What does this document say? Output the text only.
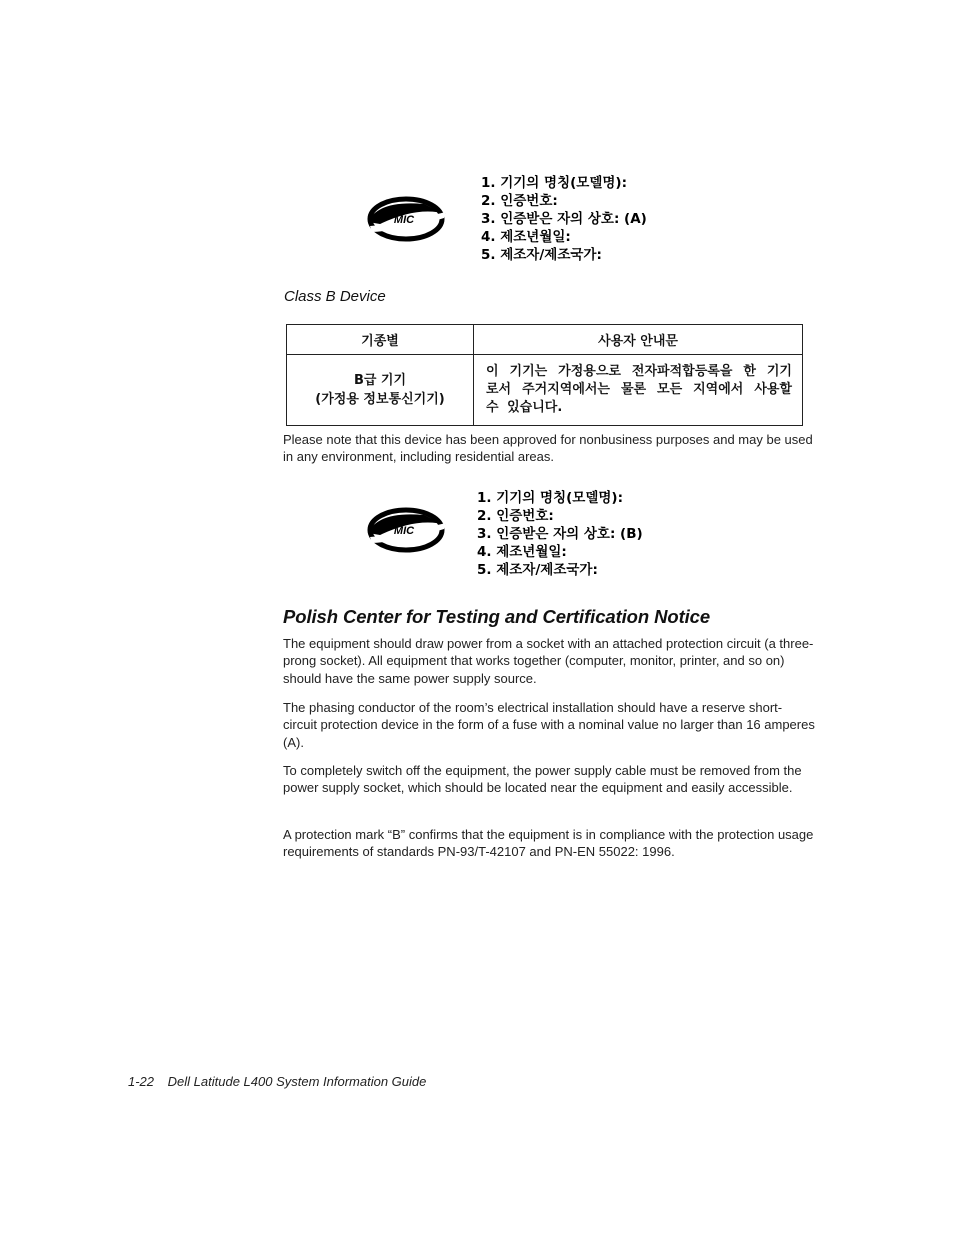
MIC
1. 기기의 명칭(모델명):
2. 인증번호:
3. 인증받은 자의 상호: (A)
4. 제조년월일:
5. 제조자/제조국가:
Class B Device
기종별	사용자 안내문

B급 기기
(가정용 정보통신기기)	이 기기는 가정용으로 전자파적합등록을 한 기기로서 주거지역에서는 물론 모든 지역에서 사용할 수 있습니다.

Please note that this device has been approved for nonbusiness purposes and may be used in any environment, including residential areas.

MIC
1. 기기의 명칭(모델명):
2. 인증번호:
3. 인증받은 자의 상호: (B)
4. 제조년월일:
5. 제조자/제조국가:
Polish Center for Testing and Certification Notice

The equipment should draw power from a socket with an attached protection circuit (a three-prong socket). All equipment that works together (computer, monitor, printer, and so on) should have the same power supply source.

The phasing conductor of the room’s electrical installation should have a reserve short-circuit protection device in the form of a fuse with a nominal value no larger than 16 amperes (A).

To completely switch off the equipment, the power supply cable must be removed from the power supply socket, which should be located near the equipment and easily accessible.

A protection mark “B” confirms that the equipment is in compliance with the protection usage requirements of standards PN-93/T-42107 and PN-EN 55022: 1996.

1-22 Dell Latitude L400 System Information Guide
